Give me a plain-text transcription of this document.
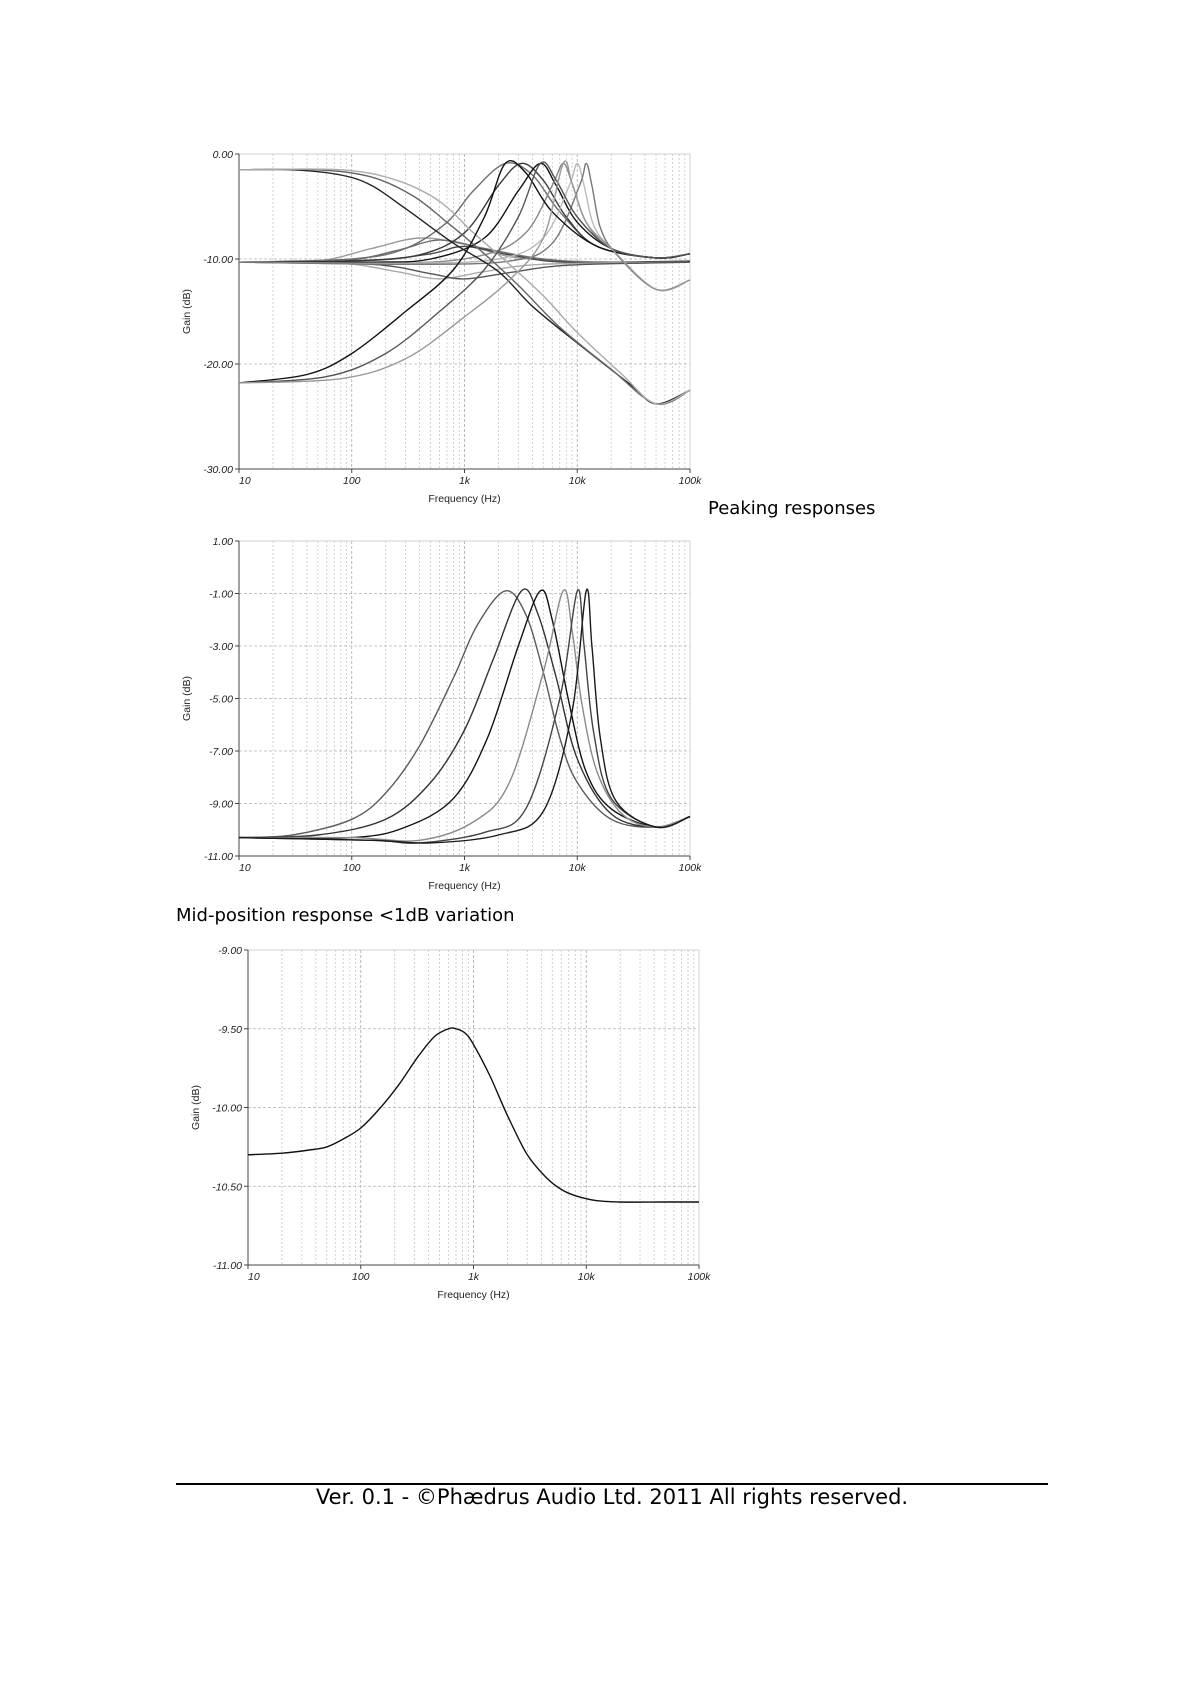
0.00
-10.00
-20.00
-30.00
10	100	1k	10k	100k
Frequency (Hz)
Gain (dB)
1.00
-1.00
-3.00
-5.00
-7.00
-9.00
-11.00
10	100	1k	10k	100k
Frequency (Hz)
Gain (dB)
-9.00
-9.50
-10.00
-10.50
-11.00
10	100	1k	10k	100k
Frequency (Hz)
Gain (dB)
Peaking responses
Mid-position response <1dB variation
Ver. 0.1 - ©Phædrus Audio Ltd. 2011 All rights reserved.
